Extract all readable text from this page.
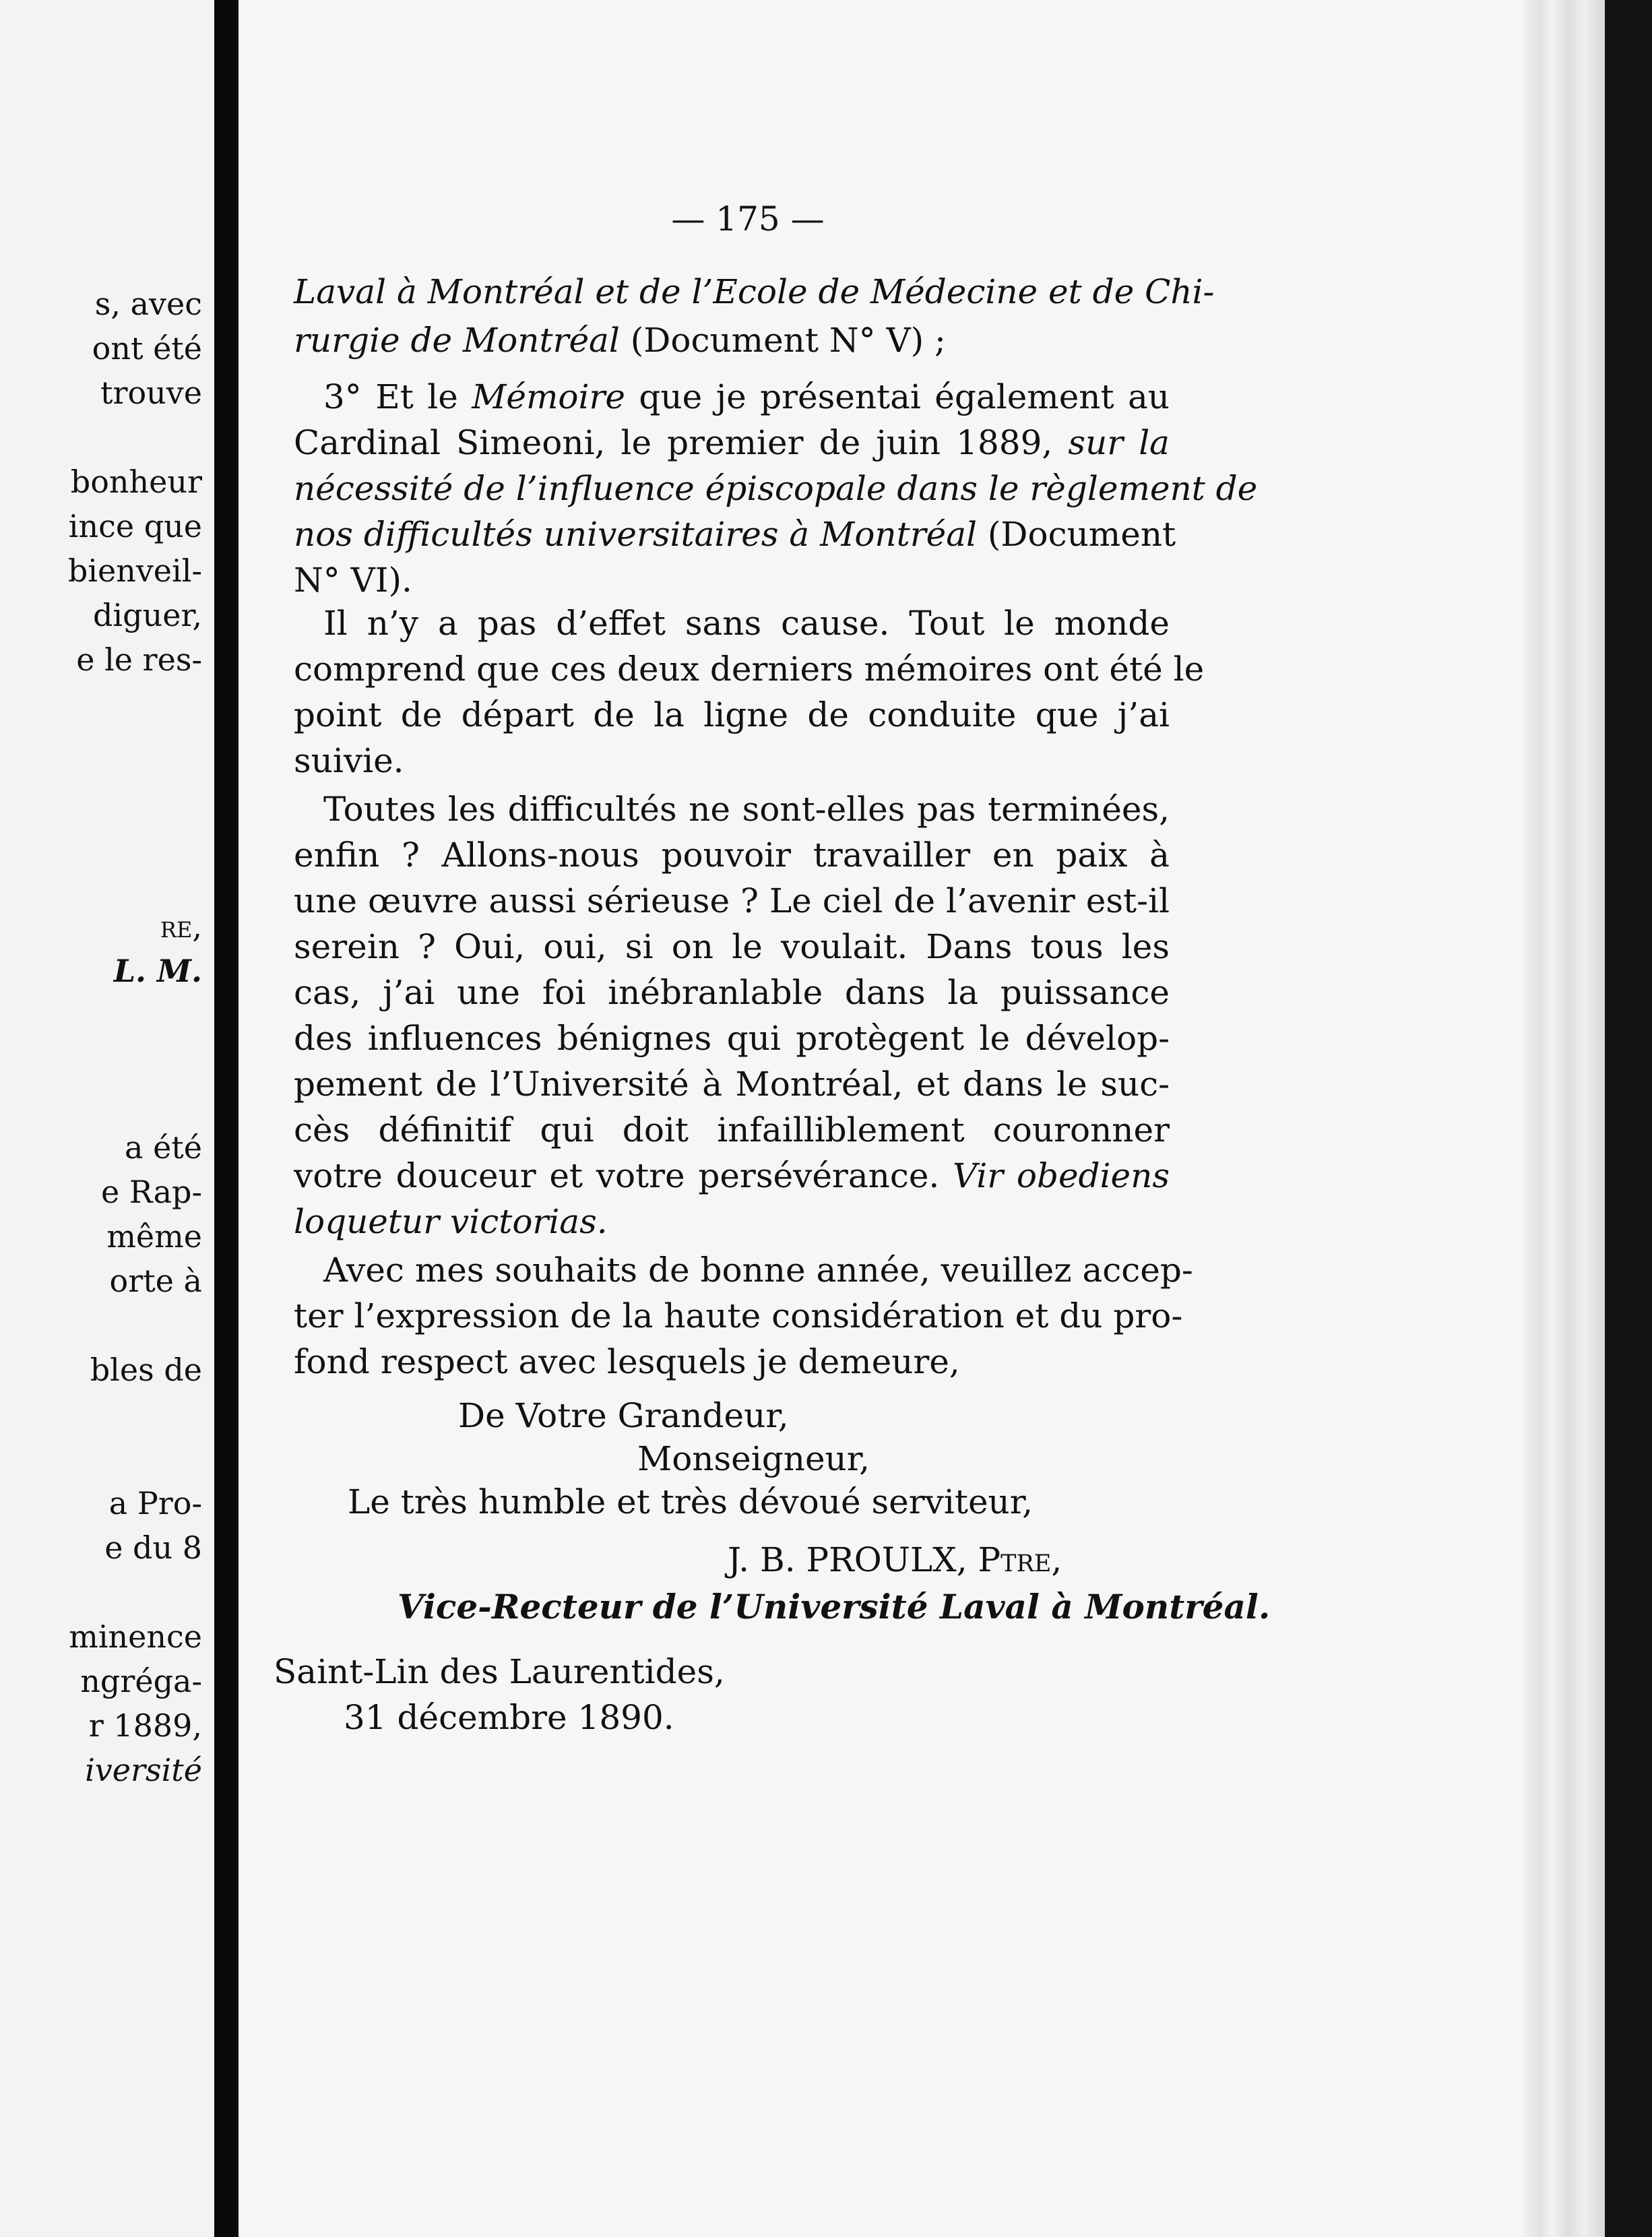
s, avec
ont été
trouve
bonheur
ince que
bienveil-
diguer,
e le res-
re,
L. M.
a été
e Rap-
même
orte à
bles de
a Pro-
e du 8
minence
ngréga-
r 1889,
iversité
— 175 —
Laval à Montréal et de l’Ecole de Médecine et de Chi-
rurgie de Montréal (Document N° V) ;
3° Et le Mémoire que je présentai également au
Cardinal Simeoni, le premier de juin 1889, sur la
nécessité de l’influence épiscopale dans le règlement de
nos difficultés universitaires à Montréal (Document
N° VI).
Il n’y a pas d’effet sans cause. Tout le monde
comprend que ces deux derniers mémoires ont été le
point de départ de la ligne de conduite que j’ai
suivie.
Toutes les difficultés ne sont-elles pas terminées,
enfin ? Allons-nous pouvoir travailler en paix à
une œuvre aussi sérieuse ? Le ciel de l’avenir est-il
serein ? Oui, oui, si on le voulait. Dans tous les
cas, j’ai une foi inébranlable dans la puissance
des influences bénignes qui protègent le dévelop-
pement de l’Université à Montréal, et dans le suc-
cès définitif qui doit infailliblement couronner
votre douceur et votre persévérance. Vir obediens
loquetur victorias.
Avec mes souhaits de bonne année, veuillez accep-
ter l’expression de la haute considération et du pro-
fond respect avec lesquels je demeure,
De Votre Grandeur,
Monseigneur,
Le très humble et très dévoué serviteur,
J. B. PROULX, Ptre,
Vice-Recteur de l’Université Laval à Montréal.
Saint-Lin des Laurentides,
31 décembre 1890.
